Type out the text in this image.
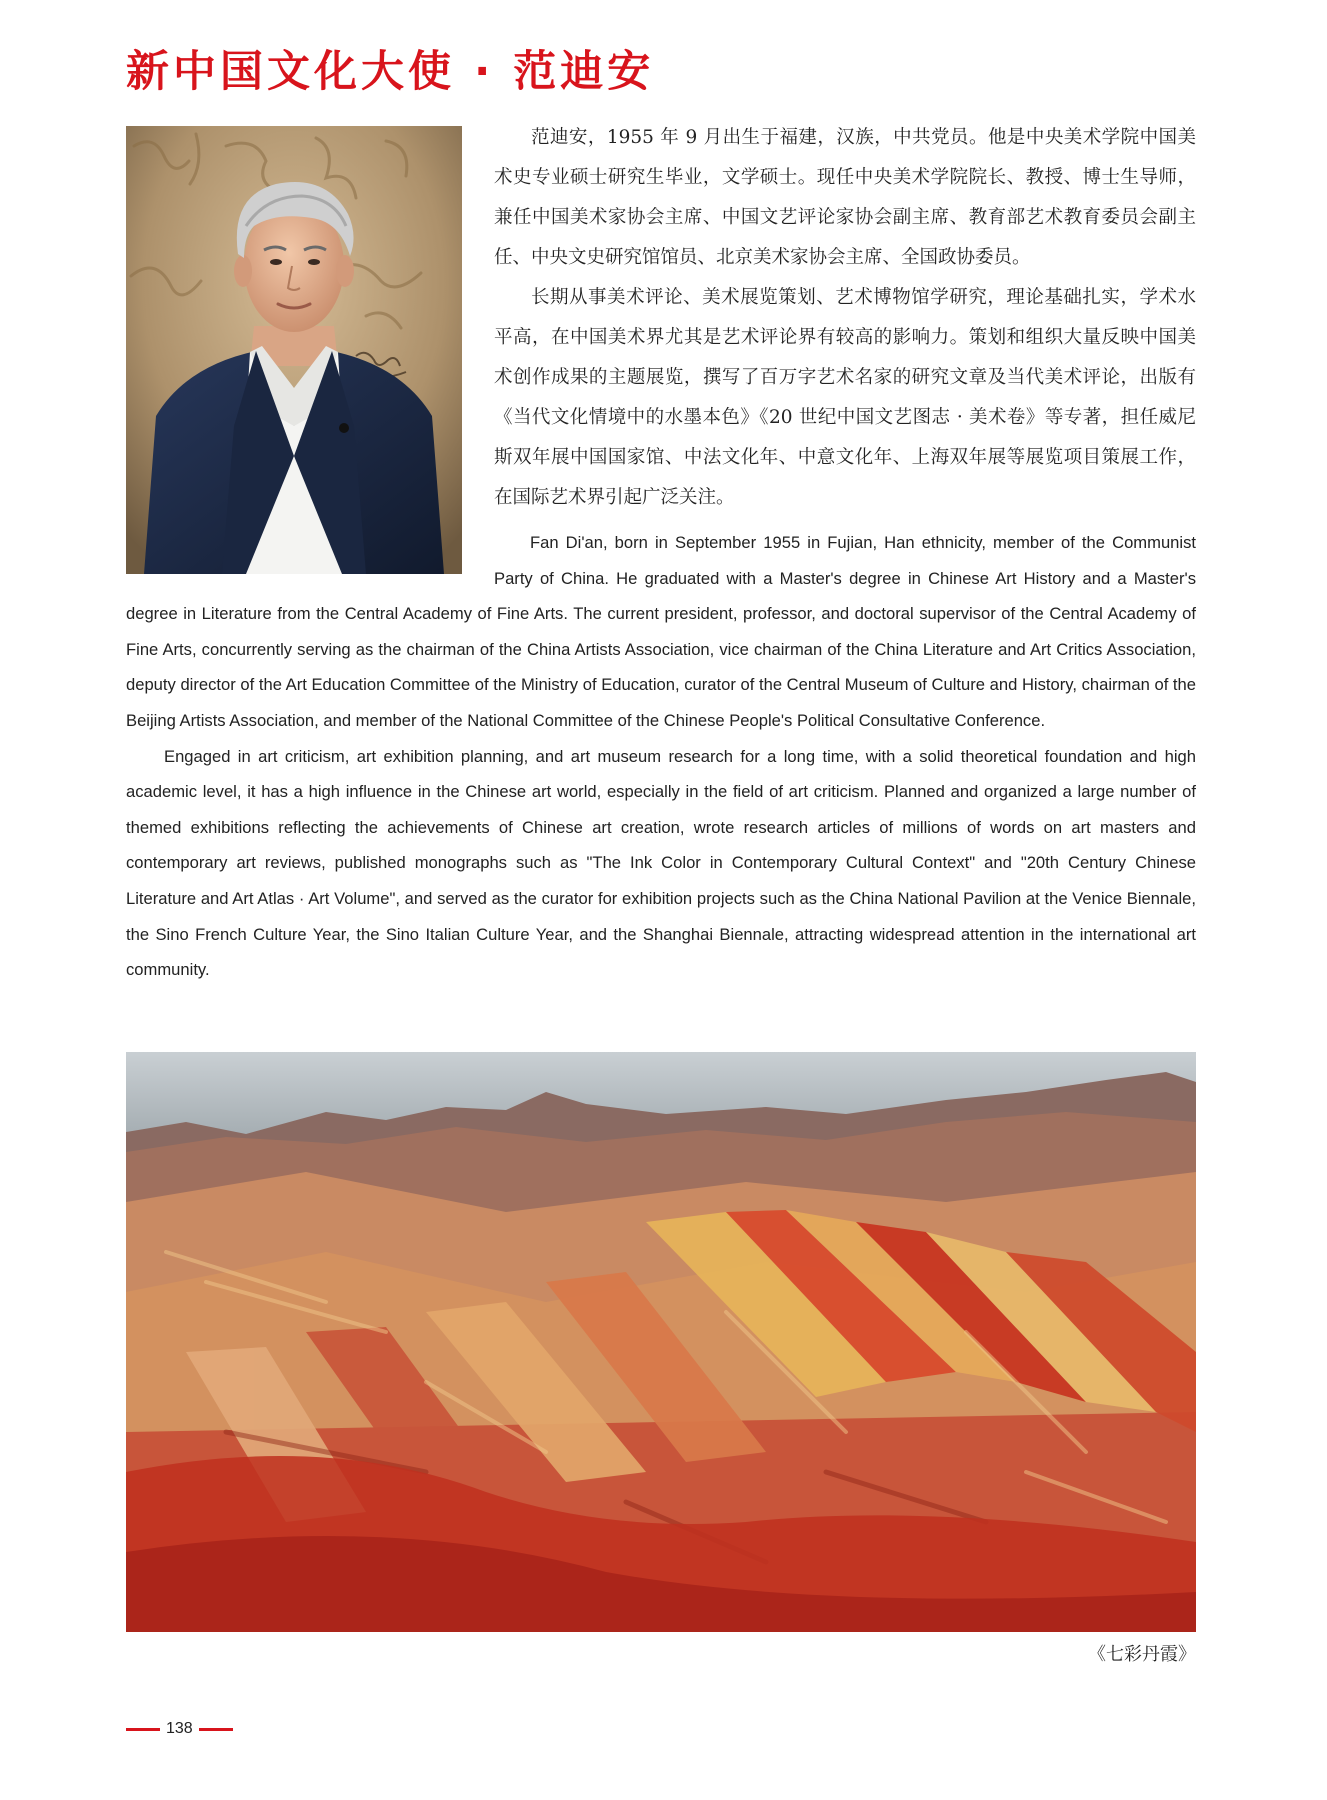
新中国文化大使 · 范迪安

范迪安，1955 年 9 月出生于福建，汉族，中共党员。他是中央美术学院中国美术史专业硕士研究生毕业，文学硕士。现任中央美术学院院长、教授、博士生导师，兼任中国美术家协会主席、中国文艺评论家协会副主席、教育部艺术教育委员会副主任、中央文史研究馆馆员、北京美术家协会主席、全国政协委员。

长期从事美术评论、美术展览策划、艺术博物馆学研究，理论基础扎实，学术水平高，在中国美术界尤其是艺术评论界有较高的影响力。策划和组织大量反映中国美术创作成果的主题展览，撰写了百万字艺术名家的研究文章及当代美术评论，出版有《当代文化情境中的水墨本色》《20 世纪中国文艺图志 · 美术卷》等专著，担任威尼斯双年展中国国家馆、中法文化年、中意文化年、上海双年展等展览项目策展工作，在国际艺术界引起广泛关注。

Fan Di'an, born in September 1955 in Fujian, Han ethnicity, member of the Communist Party of China. He graduated with a Master's degree in Chinese Art History and a Master's degree in Literature from the Central Academy of Fine Arts. The current president, professor, and doctoral supervisor of the Central Academy of Fine Arts, concurrently serving as the chairman of the China Artists Association, vice chairman of the China Literature and Art Critics Association, deputy director of the Art Education Committee of the Ministry of Education, curator of the Central Museum of Culture and History, chairman of the Beijing Artists Association, and member of the National Committee of the Chinese People's Political Consultative Conference.

Engaged in art criticism, art exhibition planning, and art museum research for a long time, with a solid theoretical foundation and high academic level, it has a high influence in the Chinese art world, especially in the field of art criticism. Planned and organized a large number of themed exhibitions reflecting the achievements of Chinese art creation, wrote research articles of millions of words on art masters and contemporary art reviews, published monographs such as "The Ink Color in Contemporary Cultural Context" and "20th Century Chinese Literature and Art Atlas · Art Volume", and served as the curator for exhibition projects such as the China National Pavilion at the Venice Biennale, the Sino French Culture Year, the Sino Italian Culture Year, and the Shanghai Biennale, attracting widespread attention in the international art community.

《七彩丹霞》
138
